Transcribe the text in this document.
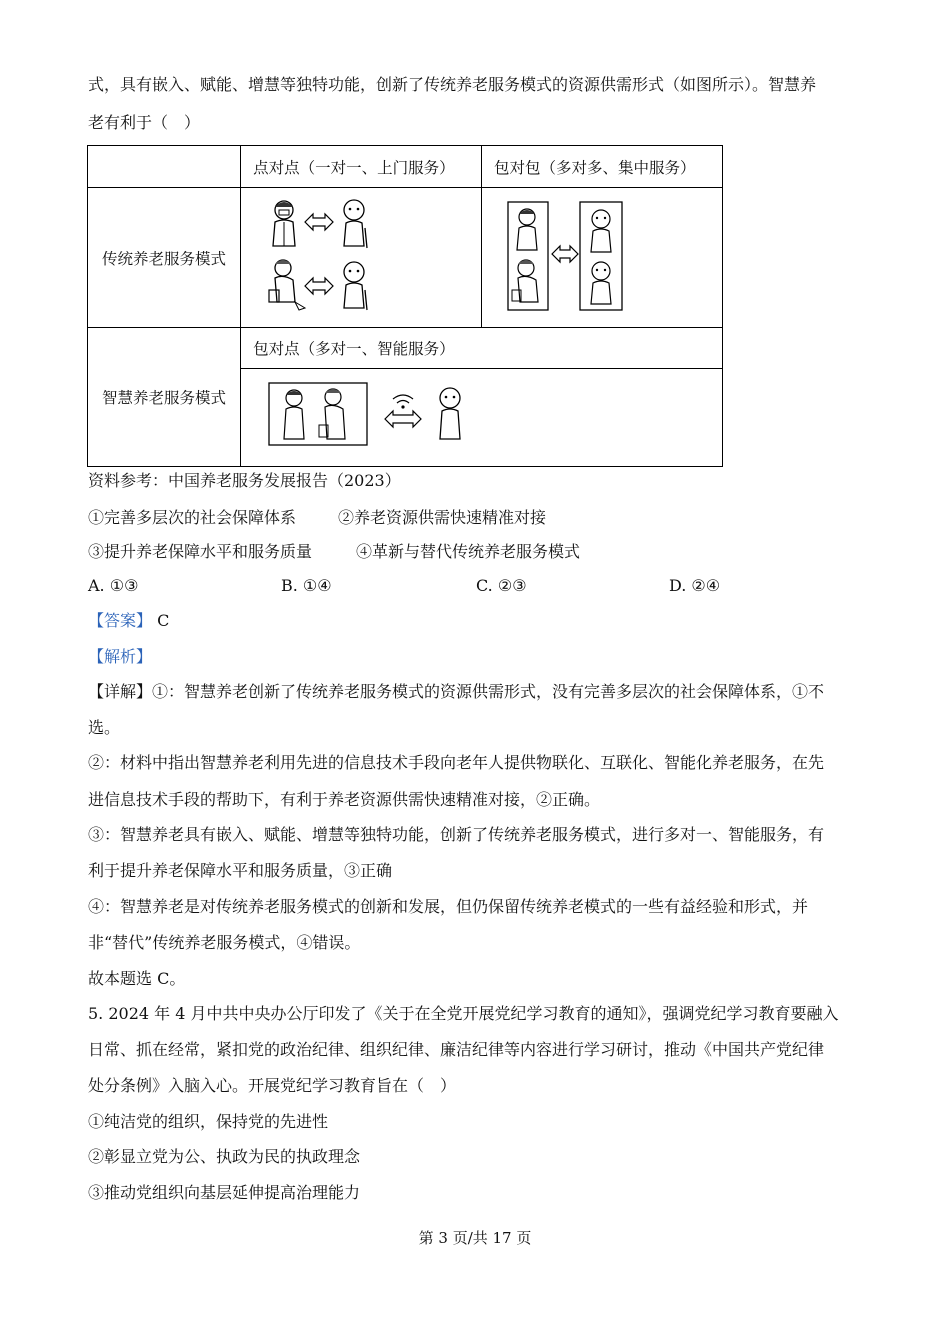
式，具有嵌入、赋能、增慧等独特功能，创新了传统养老服务模式的资源供需形式（如图所示）。智慧养
老有利于（　）
	点对点（一对一、上门服务）	包对包（多对多、集中服务）
传统养老服务模式	

智慧养老服务模式	包对点（多对一、智能服务）	

资料参考：中国养老服务发展报告（2023）
①完善多层次的社会保障体系	②养老资源供需快速精准对接
③提升养老保障水平和服务质量	④革新与替代传统养老服务模式
A. ①③	B. ①④	C. ②③	D. ②④
【答案】 C
【解析】
【详解】①：智慧养老创新了传统养老服务模式的资源供需形式，没有完善多层次的社会保障体系，①不
选。
②：材料中指出智慧养老利用先进的信息技术手段向老年人提供物联化、互联化、智能化养老服务，在先
进信息技术手段的帮助下，有利于养老资源供需快速精准对接，②正确。
③：智慧养老具有嵌入、赋能、增慧等独特功能，创新了传统养老服务模式，进行多对一、智能服务，有
利于提升养老保障水平和服务质量，③正确
④：智慧养老是对传统养老服务模式的创新和发展，但仍保留传统养老模式的一些有益经验和形式，并
非“替代”传统养老服务模式，④错误。
故本题选 C。
5. 2024 年 4 月中共中央办公厅印发了《关于在全党开展党纪学习教育的通知》，强调党纪学习教育要融入
日常、抓在经常，紧扣党的政治纪律、组织纪律、廉洁纪律等内容进行学习研讨，推动《中国共产党纪律
处分条例》入脑入心。开展党纪学习教育旨在（　）
①纯洁党的组织，保持党的先进性
②彰显立党为公、执政为民的执政理念
③推动党组织向基层延伸提高治理能力
第 3 页/共 17 页
